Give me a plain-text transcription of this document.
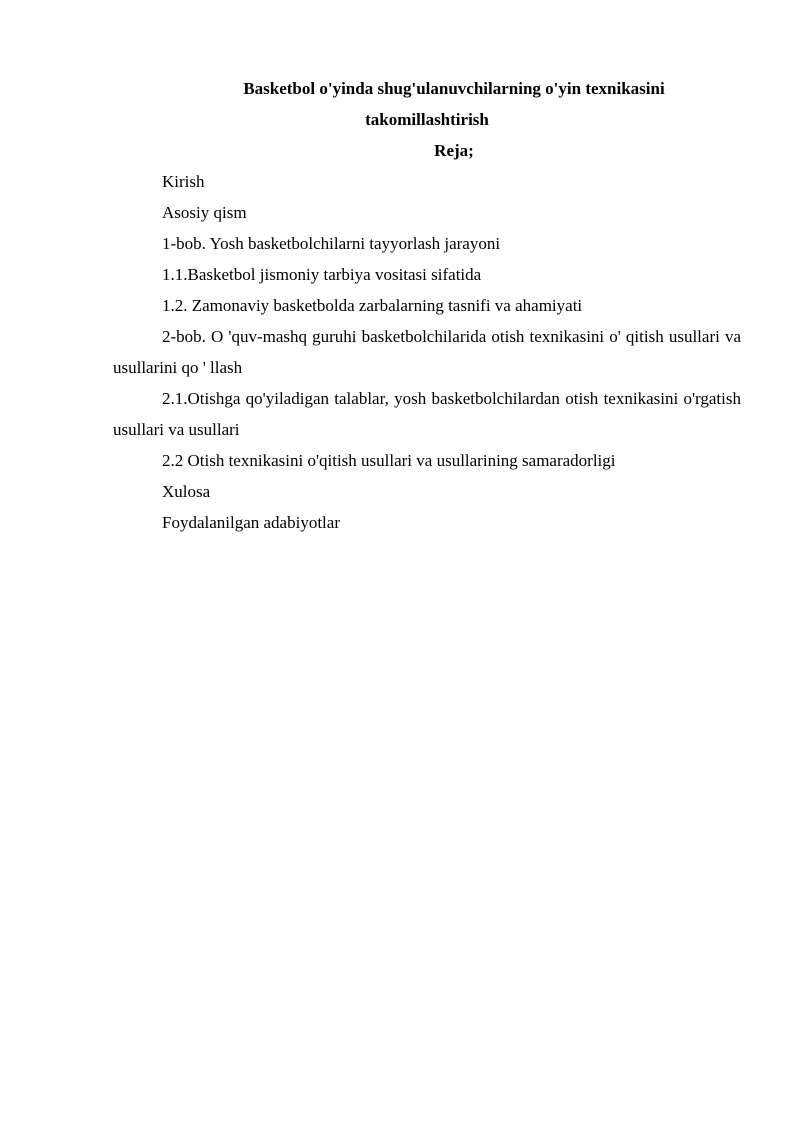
Basketbol o'yinda shug'ulanuvchilarning o'yin texnikasini
takomillashtirish
Reja;
Kirish
Asosiy qism
1-bob. Yosh basketbolchilarni tayyorlash jarayoni
1.1.Basketbol jismoniy tarbiya vositasi sifatida
1.2. Zamonaviy basketbolda zarbalarning tasnifi va ahamiyati
2-bob. O 'quv-mashq guruhi basketbolchilarida otish texnikasini o' qitish usullari va usullarini qo ' llash
2.1.Otishga qo'yiladigan talablar, yosh basketbolchilardan otish texnikasini o'rgatish usullari va usullari
2.2 Otish texnikasini o'qitish usullari va usullarining samaradorligi
Xulosa
Foydalanilgan adabiyotlar
